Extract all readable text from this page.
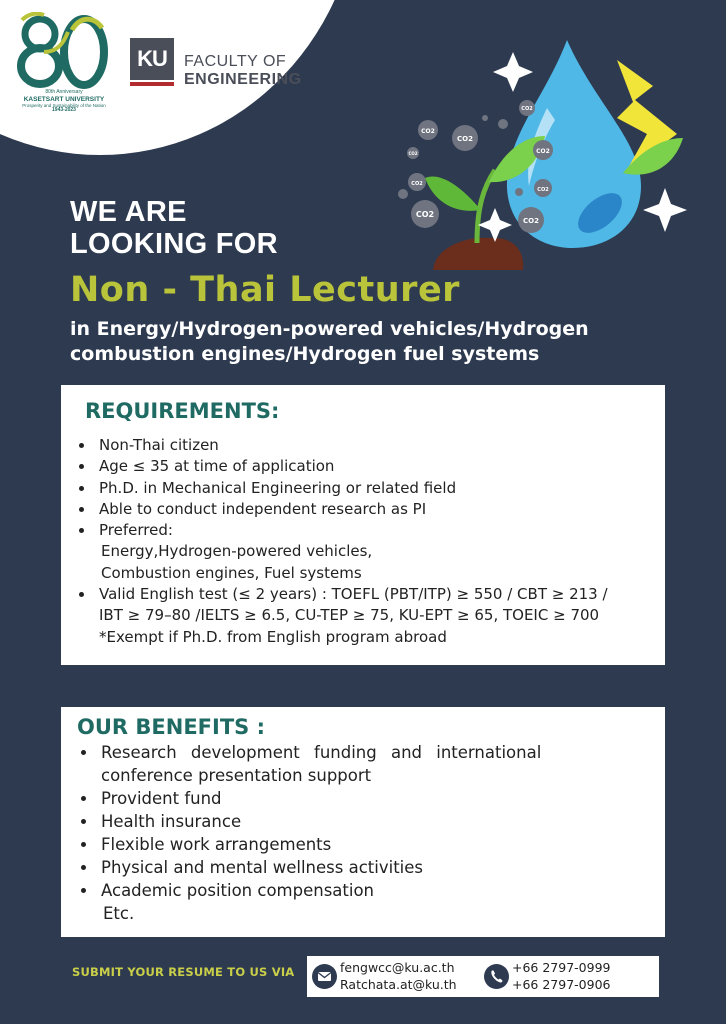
80th Anniversary
KASETSART UNIVERSITY
Prosperity and Sustainability of the Nation
1943-2023
KU	FACULTY OF
ENGINEERING
CO2
CO2
CO2
CO2
CO2
CO2
CO2
CO2
CO2
WE ARE
LOOKING FOR
Non - Thai Lecturer
in Energy/Hydrogen-powered vehicles/Hydrogen
combustion engines/Hydrogen fuel systems
REQUIREMENTS:
Non-Thai citizen
Age ≤ 35 at time of application
Ph.D. in Mechanical Engineering or related field
Able to conduct independent research as PI
Preferred:
Energy,Hydrogen-powered vehicles,
Combustion engines, Fuel systems
Valid English test (≤ 2 years) : TOEFL (PBT/ITP) ≥ 550 / CBT ≥ 213 /
IBT ≥ 79–80 /IELTS ≥ 6.5, CU-TEP ≥ 75, KU-EPT ≥ 65, TOEIC ≥ 700
*Exempt if Ph.D. from English program abroad
OUR BENEFITS :
Research development funding and international
conference presentation support
Provident fund
Health insurance
Flexible work arrangements
Physical and mental wellness activities
Academic position compensation
Etc.
SUBMIT YOUR RESUME TO US VIA	fengwcc@ku.ac.th
Ratchata.at@ku.th
+66 2797-0999
+66 2797-0906
